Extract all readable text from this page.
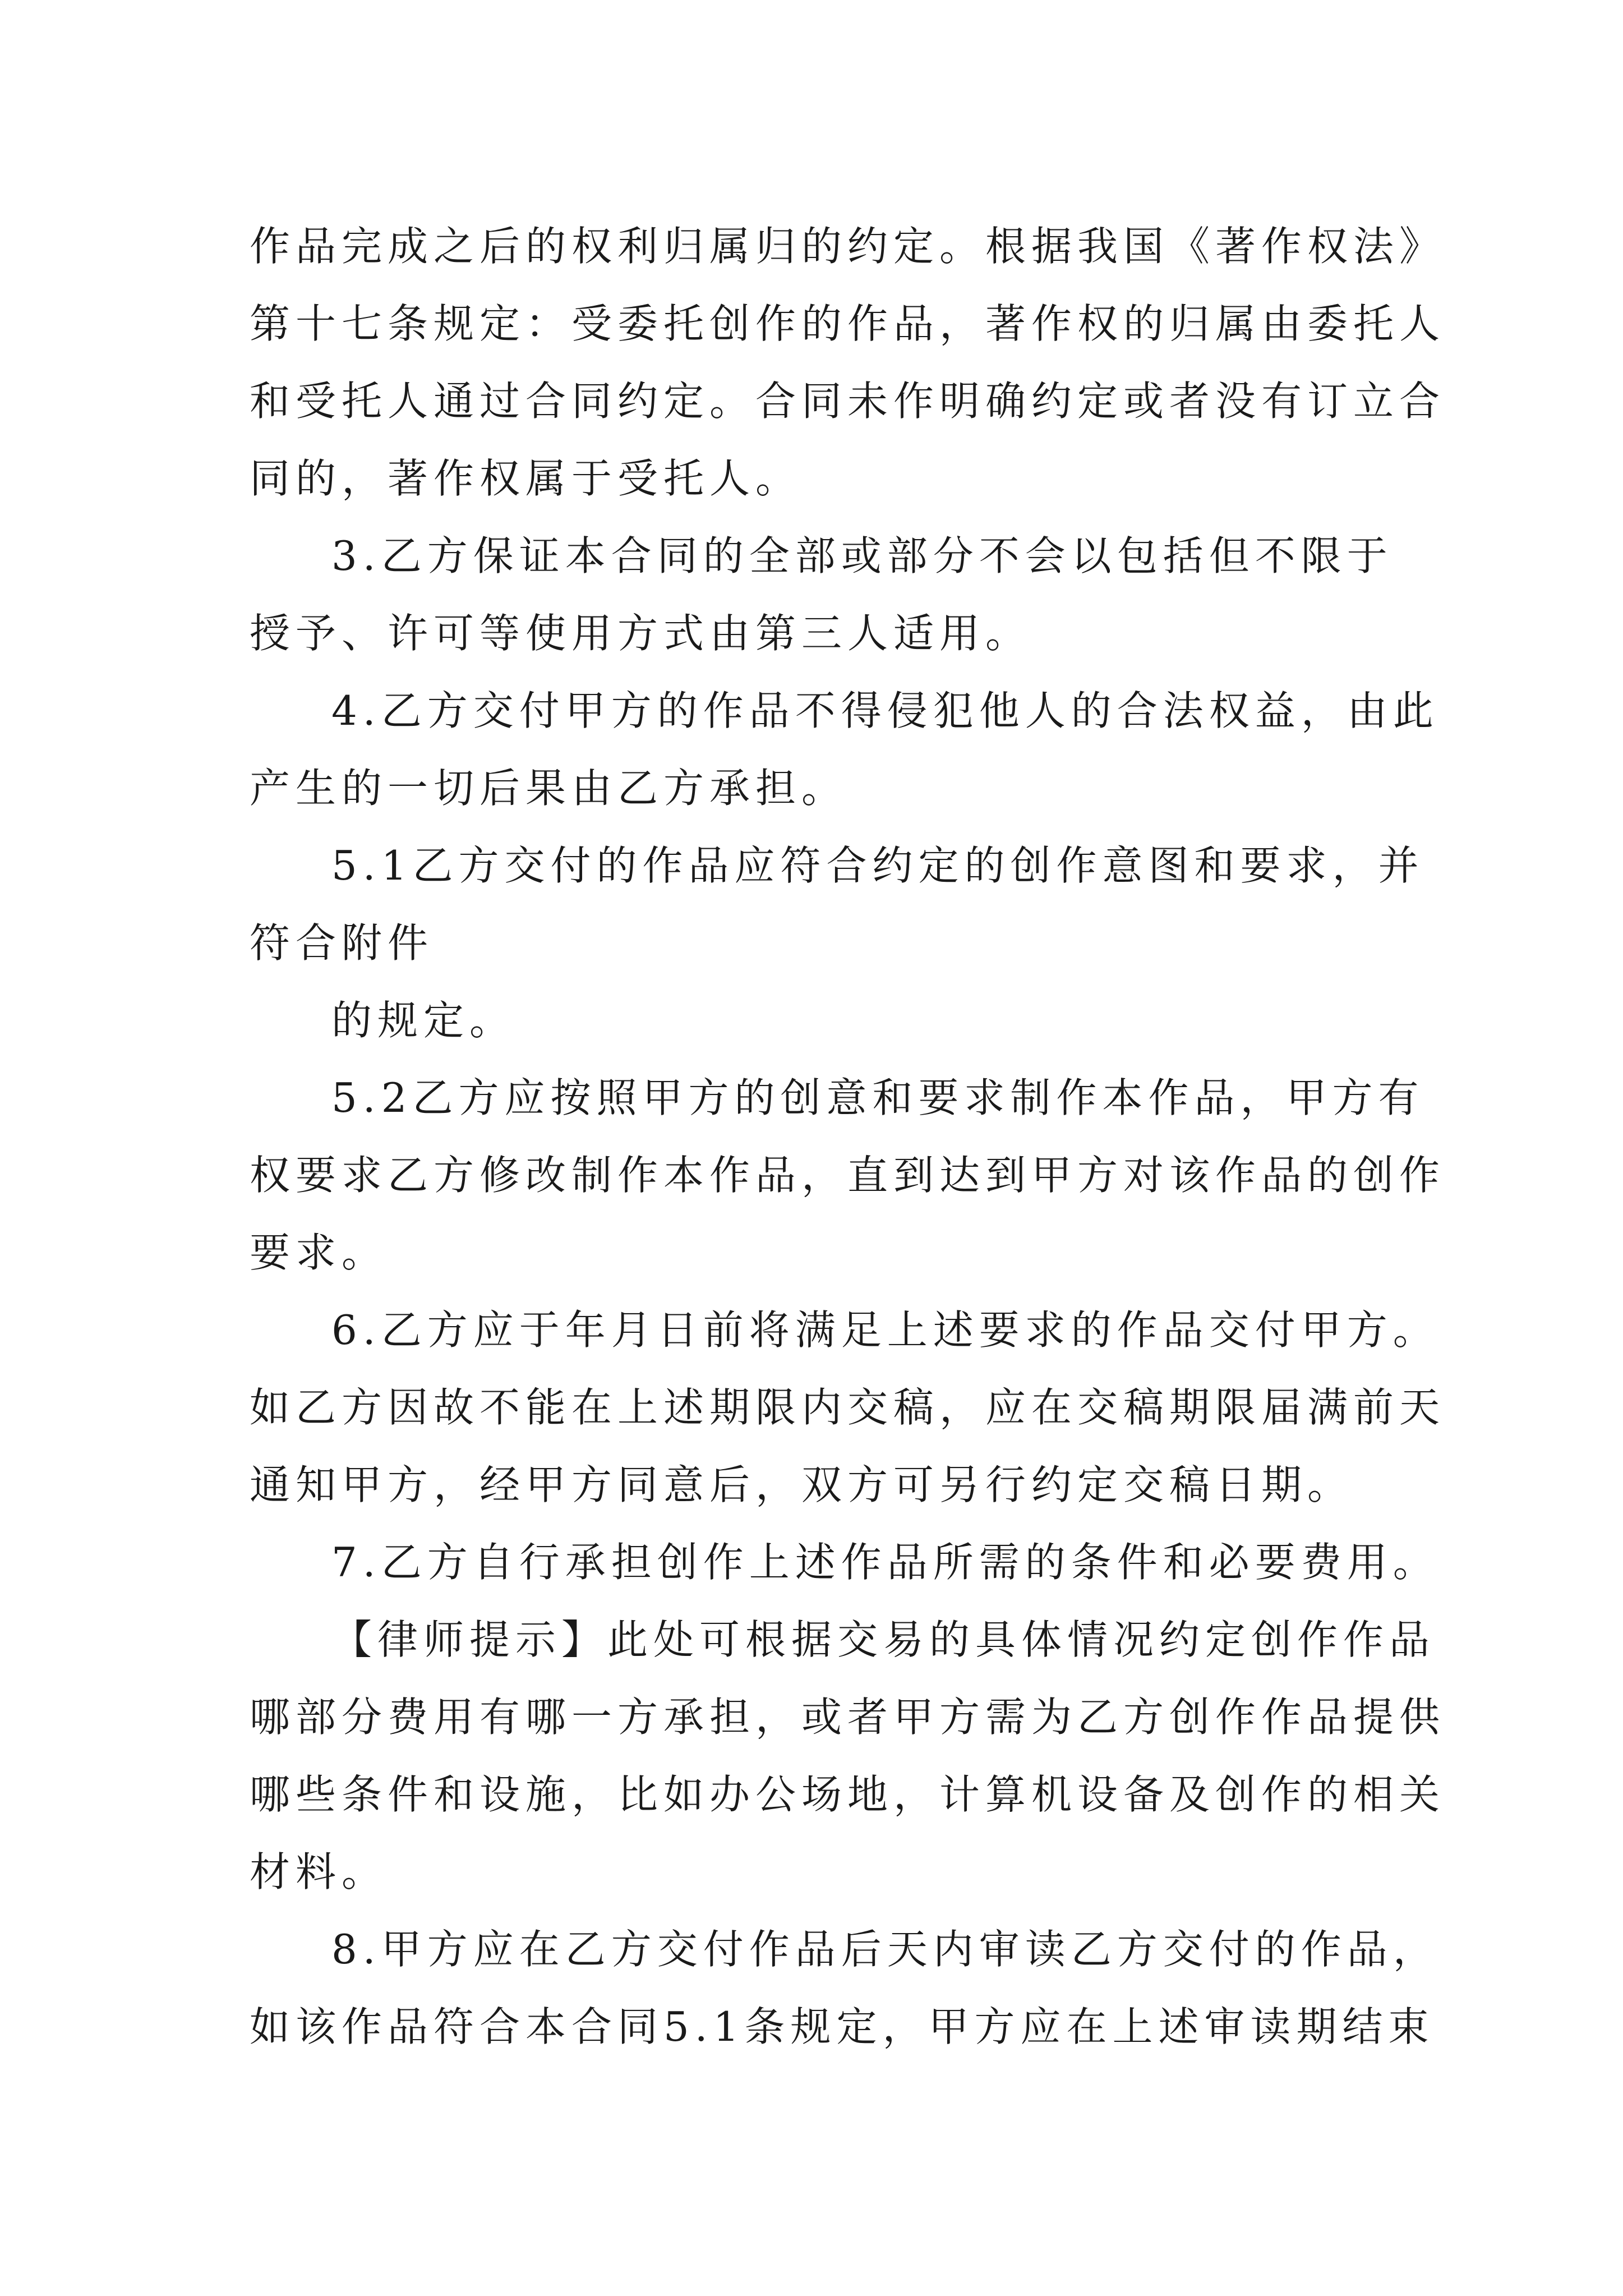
作品完成之后的权利归属归的约定。根据我国《著作权法》
第十七条规定：受委托创作的作品，著作权的归属由委托人
和受托人通过合同约定。合同未作明确约定或者没有订立合
同的，著作权属于受托人。
3.乙方保证本合同的全部或部分不会以包括但不限于
授予、许可等使用方式由第三人适用。
4.乙方交付甲方的作品不得侵犯他人的合法权益，由此
产生的一切后果由乙方承担。
5.1乙方交付的作品应符合约定的创作意图和要求，并
符合附件
的规定。
5.2乙方应按照甲方的创意和要求制作本作品，甲方有
权要求乙方修改制作本作品，直到达到甲方对该作品的创作
要求。
6.乙方应于年月日前将满足上述要求的作品交付甲方。
如乙方因故不能在上述期限内交稿，应在交稿期限届满前天
通知甲方，经甲方同意后，双方可另行约定交稿日期。
7.乙方自行承担创作上述作品所需的条件和必要费用。
【律师提示】此处可根据交易的具体情况约定创作作品
哪部分费用有哪一方承担，或者甲方需为乙方创作作品提供
哪些条件和设施，比如办公场地，计算机设备及创作的相关
材料。
8.甲方应在乙方交付作品后天内审读乙方交付的作品，
如该作品符合本合同5.1条规定，甲方应在上述审读期结束
